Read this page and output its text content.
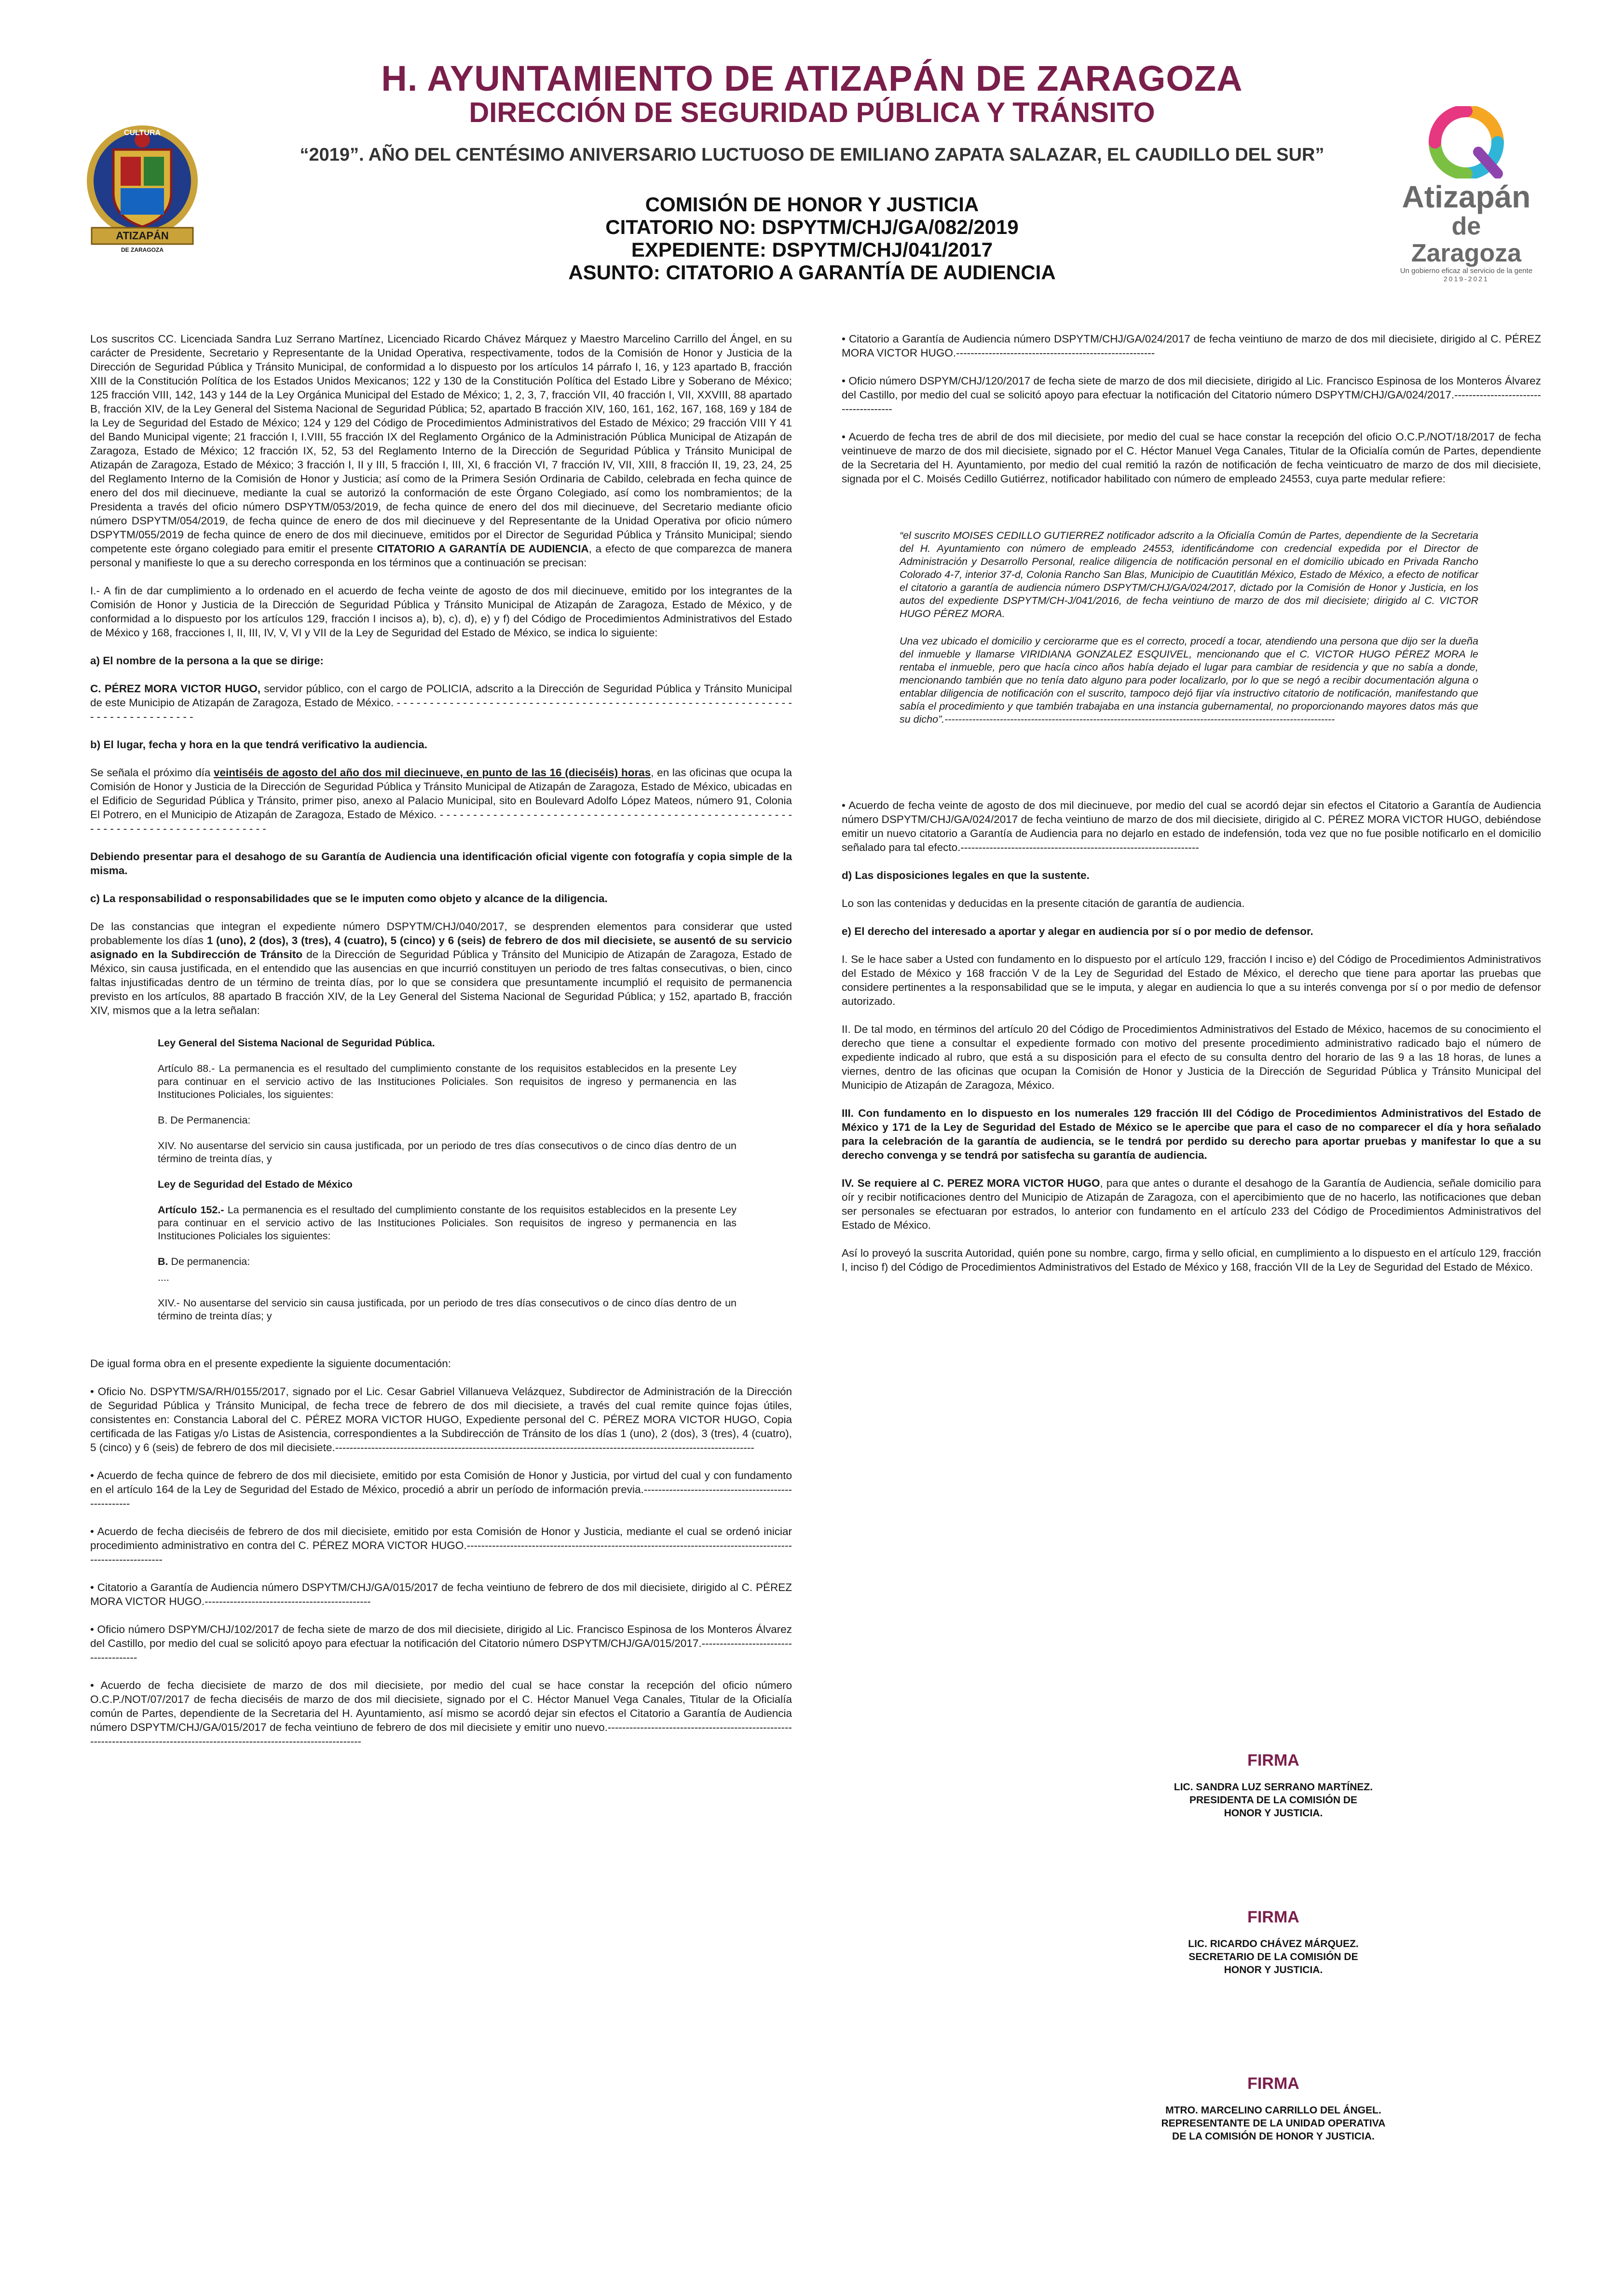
H. AYUNTAMIENTO DE ATIZAPÁN DE ZARAGOZA
DIRECCIÓN DE SEGURIDAD PÚBLICA Y TRÁNSITO
“2019”. AÑO DEL CENTÉSIMO ANIVERSARIO LUCTUOSO DE EMILIANO ZAPATA SALAZAR, EL CAUDILLO DEL SUR”
COMISIÓN DE HONOR Y JUSTICIA
CITATORIO NO: DSPYTM/CHJ/GA/082/2019
EXPEDIENTE: DSPYTM/CHJ/041/2017
ASUNTO: CITATORIO A GARANTÍA DE AUDIENCIA
CULTURA
ATIZAPÁN
DE ZARAGOZA
Atizapán
de Zaragoza
Un gobierno eficaz al servicio de la gente
2019-2021

Los suscritos CC. Licenciada Sandra Luz Serrano Martínez, Licenciado Ricardo Chávez Márquez y Maestro Marcelino Carrillo del Ángel, en su carácter de Presidente, Secretario y Representante de la Unidad Operativa, respectivamente, todos de la Comisión de Honor y Justicia de la Dirección de Seguridad Pública y Tránsito Municipal, de conformidad a lo dispuesto por los artículos 14 párrafo I, 16, y 123 apartado B, fracción XIII de la Constitución Política de los Estados Unidos Mexicanos; 122 y 130 de la Constitución Política del Estado Libre y Soberano de México; 125 fracción VIII, 142, 143 y 144 de la Ley Orgánica Municipal del Estado de México; 1, 2, 3, 7, fracción VII, 40 fracción I, VII, XXVIII, 88 apartado B, fracción XIV, de la Ley General del Sistema Nacional de Seguridad Pública; 52, apartado B fracción XIV, 160, 161, 162, 167, 168, 169 y 184 de la Ley de Seguridad del Estado de México; 124 y 129 del Código de Procedimientos Administrativos del Estado de México; 29 fracción VIII Y 41 del Bando Municipal vigente; 21 fracción I, I.VIII, 55 fracción IX del Reglamento Orgánico de la Administración Pública Municipal de Atizapán de Zaragoza, Estado de México; 12 fracción IX, 52, 53 del Reglamento Interno de la Dirección de Seguridad Pública y Tránsito Municipal de Atizapán de Zaragoza, Estado de México; 3 fracción I, II y III, 5 fracción I, III, XI, 6 fracción VI, 7 fracción IV, VII, XIII, 8 fracción II, 19, 23, 24, 25 del Reglamento Interno de la Comisión de Honor y Justicia; así como de la Primera Sesión Ordinaria de Cabildo, celebrada en fecha quince de enero del dos mil diecinueve, mediante la cual se autorizó la conformación de este Órgano Colegiado, así como los nombramientos; de la Presidenta a través del oficio número DSPYTM/053/2019, de fecha quince de enero del dos mil diecinueve, del Secretario mediante oficio número DSPYTM/054/2019, de fecha quince de enero de dos mil diecinueve y del Representante de la Unidad Operativa por oficio número DSPYTM/055/2019 de fecha quince de enero de dos mil diecinueve, emitidos por el Director de Seguridad Pública y Tránsito Municipal; siendo competente este órgano colegiado para emitir el presente CITATORIO A GARANTÍA DE AUDIENCIA, a efecto de que comparezca de manera personal y manifieste lo que a su derecho corresponda en los términos que a continuación se precisan:

I.- A fin de dar cumplimiento a lo ordenado en el acuerdo de fecha veinte de agosto de dos mil diecinueve, emitido por los integrantes de la Comisión de Honor y Justicia de la Dirección de Seguridad Pública y Tránsito Municipal de Atizapán de Zaragoza, Estado de México, y de conformidad a lo dispuesto por los artículos 129, fracción I incisos a), b), c), d), e) y f) del Código de Procedimientos Administrativos del Estado de México y 168, fracciones I, II, III, IV, V, VI y VII de la Ley de Seguridad del Estado de México, se indica lo siguiente:

a) El nombre de la persona a la que se dirige:

C. PÉREZ MORA VICTOR HUGO, servidor público, con el cargo de POLICIA, adscrito a la Dirección de Seguridad Pública y Tránsito Municipal de este Municipio de Atizapán de Zaragoza, Estado de México. - - - - - - - - - - - - - - - - - - - - - - - - - - - - - - - - - - - - - - - - - - - - - - - - - - - - - - - - - - - - - - - - - - - - - - - - - - - -

b) El lugar, fecha y hora en la que tendrá verificativo la audiencia.

Se señala el próximo día veintiséis de agosto del año dos mil diecinueve, en punto de las 16 (dieciséis) horas, en las oficinas que ocupa la Comisión de Honor y Justicia de la Dirección de Seguridad Pública y Tránsito Municipal de Atizapán de Zaragoza, Estado de México, ubicadas en el Edificio de Seguridad Pública y Tránsito, primer piso, anexo al Palacio Municipal, sito en Boulevard Adolfo López Mateos, número 91, Colonia El Potrero, en el Municipio de Atizapán de Zaragoza, Estado de México. - - - - - - - - - - - - - - - - - - - - - - - - - - - - - - - - - - - - - - - - - - - - - - - - - - - - - - - - - - - - - - - - - - - - - - - - - - - - - - - -

Debiendo presentar para el desahogo de su Garantía de Audiencia una identificación oficial vigente con fotografía y copia simple de la misma.

c) La responsabilidad o responsabilidades que se le imputen como objeto y alcance de la diligencia.

De las constancias que integran el expediente número DSPYTM/CHJ/040/2017, se desprenden elementos para considerar que usted probablemente los días 1 (uno), 2 (dos), 3 (tres), 4 (cuatro), 5 (cinco) y 6 (seis) de febrero de dos mil diecisiete, se ausentó de su servicio asignado en la Subdirección de Tránsito de la Dirección de Seguridad Pública y Tránsito del Municipio de Atizapán de Zaragoza, Estado de México, sin causa justificada, en el entendido que las ausencias en que incurrió constituyen un periodo de tres faltas consecutivas, o bien, cinco faltas injustificadas dentro de un término de treinta días, por lo que se considera que presuntamente incumplió el requisito de permanencia previsto en los artículos, 88 apartado B fracción XIV, de la Ley General del Sistema Nacional de Seguridad Pública; y 152, apartado B, fracción XIV, mismos que a la letra señalan:

Ley General del Sistema Nacional de Seguridad Pública.

Artículo 88.- La permanencia es el resultado del cumplimiento constante de los requisitos establecidos en la presente Ley para continuar en el servicio activo de las Instituciones Policiales. Son requisitos de ingreso y permanencia en las Instituciones Policiales, los siguientes:

B. De Permanencia:

XIV. No ausentarse del servicio sin causa justificada, por un periodo de tres días consecutivos o de cinco días dentro de un término de treinta días, y

Ley de Seguridad del Estado de México

Artículo 152.- La permanencia es el resultado del cumplimiento constante de los requisitos establecidos en la presente Ley para continuar en el servicio activo de las Instituciones Policiales. Son requisitos de ingreso y permanencia en las Instituciones Policiales los siguientes:

B. De permanencia:

....

XIV.- No ausentarse del servicio sin causa justificada, por un periodo de tres días consecutivos o de cinco días dentro de un término de treinta días; y

De igual forma obra en el presente expediente la siguiente documentación:

• Oficio No. DSPYTM/SA/RH/0155/2017, signado por el Lic. Cesar Gabriel Villanueva Velázquez, Subdirector de Administración de la Dirección de Seguridad Pública y Tránsito Municipal, de fecha trece de febrero de dos mil diecisiete, a través del cual remite quince fojas útiles, consistentes en: Constancia Laboral del C. PÉREZ MORA VICTOR HUGO, Expediente personal del C. PÉREZ MORA VICTOR HUGO, Copia certificada de las Fatigas y/o Listas de Asistencia, correspondientes a la Subdirección de Tránsito de los días 1 (uno), 2 (dos), 3 (tres), 4 (cuatro), 5 (cinco) y 6 (seis) de febrero de dos mil diecisiete.--------------------------------------------------------------------------------------------------------------------

• Acuerdo de fecha quince de febrero de dos mil diecisiete, emitido por esta Comisión de Honor y Justicia, por virtud del cual y con fundamento en el artículo 164 de la Ley de Seguridad del Estado de México, procedió a abrir un período de información previa.----------------------------------------------------

• Acuerdo de fecha dieciséis de febrero de dos mil diecisiete, emitido por esta Comisión de Honor y Justicia, mediante el cual se ordenó iniciar procedimiento administrativo en contra del C. PÉREZ MORA VICTOR HUGO.--------------------------------------------------------------------------------------------------------------

• Citatorio a Garantía de Audiencia número DSPYTM/CHJ/GA/015/2017 de fecha veintiuno de febrero de dos mil diecisiete, dirigido al C. PÉREZ MORA VICTOR HUGO.----------------------------------------------

• Oficio número DSPYM/CHJ/102/2017 de fecha siete de marzo de dos mil diecisiete, dirigido al Lic. Francisco Espinosa de los Monteros Álvarez del Castillo, por medio del cual se solicitó apoyo para efectuar la notificación del Citatorio número DSPYTM/CHJ/GA/015/2017.--------------------------------------

• Acuerdo de fecha diecisiete de marzo de dos mil diecisiete, por medio del cual se hace constar la recepción del oficio número O.C.P./NOT/07/2017 de fecha dieciséis de marzo de dos mil diecisiete, signado por el C. Héctor Manuel Vega Canales, Titular de la Oficialía común de Partes, dependiente de la Secretaria del H. Ayuntamiento, así mismo se acordó dejar sin efectos el Citatorio a Garantía de Audiencia número DSPYTM/CHJ/GA/015/2017 de fecha veintiuno de febrero de dos mil diecisiete y emitir uno nuevo.------------------------------------------------------------------------------------------------------------------------------

• Citatorio a Garantía de Audiencia número DSPYTM/CHJ/GA/024/2017 de fecha veintiuno de marzo de dos mil diecisiete, dirigido al C. PÉREZ MORA VICTOR HUGO.-------------------------------------------------------

• Oficio número DSPYM/CHJ/120/2017 de fecha siete de marzo de dos mil diecisiete, dirigido al Lic. Francisco Espinosa de los Monteros Álvarez del Castillo, por medio del cual se solicitó apoyo para efectuar la notificación del Citatorio número DSPYTM/CHJ/GA/024/2017.--------------------------------------

• Acuerdo de fecha tres de abril de dos mil diecisiete, por medio del cual se hace constar la recepción del oficio O.C.P./NOT/18/2017 de fecha veintinueve de marzo de dos mil diecisiete, signado por el C. Héctor Manuel Vega Canales, Titular de la Oficialía común de Partes, dependiente de la Secretaria del H. Ayuntamiento, por medio del cual remitió la razón de notificación de fecha veinticuatro de marzo de dos mil diecisiete, signada por el C. Moisés Cedillo Gutiérrez, notificador habilitado con número de empleado 24553, cuya parte medular refiere:

“el suscrito MOISES CEDILLO GUTIERREZ notificador adscrito a la Oficialía Común de Partes, dependiente de la Secretaria del H. Ayuntamiento con número de empleado 24553, identificándome con credencial expedida por el Director de Administración y Desarrollo Personal, realice diligencia de notificación personal en el domicilio ubicado en Privada Rancho Colorado 4-7, interior 37-d, Colonia Rancho San Blas, Municipio de Cuautitlán México, Estado de México, a efecto de notificar el citatorio a garantía de audiencia número DSPYTM/CHJ/GA/024/2017, dictado por la Comisión de Honor y Justicia, en los autos del expediente DSPYTM/CH-J/041/2016, de fecha veintiuno de marzo de dos mil diecisiete; dirigido al C. VICTOR HUGO PÉREZ MORA.

Una vez ubicado el domicilio y cerciorarme que es el correcto, procedí a tocar, atendiendo una persona que dijo ser la dueña del inmueble y llamarse VIRIDIANA GONZALEZ ESQUIVEL, mencionando que el C. VICTOR HUGO PÉREZ MORA le rentaba el inmueble, pero que hacía cinco años había dejado el lugar para cambiar de residencia y que no sabía a donde, mencionando también que no tenía dato alguno para poder localizarlo, por lo que se negó a recibir documentación alguna o entablar diligencia de notificación con el suscrito, tampoco dejó fijar vía instructivo citatorio de notificación, manifestando que sabía el procedimiento y que también trabajaba en una instancia gubernamental, no proporcionando mayores datos más que su dicho”.-----------------------------------------------------------------------------------------------------------------

• Acuerdo de fecha veinte de agosto de dos mil diecinueve, por medio del cual se acordó dejar sin efectos el Citatorio a Garantía de Audiencia número DSPYTM/CHJ/GA/024/2017 de fecha veintiuno de marzo de dos mil diecisiete, dirigido al C. PÉREZ MORA VICTOR HUGO, debiéndose emitir un nuevo citatorio a Garantía de Audiencia para no dejarlo en estado de indefensión, toda vez que no fue posible notificarlo en el domicilio señalado para tal efecto.------------------------------------------------------------------

d) Las disposiciones legales en que la sustente.

Lo son las contenidas y deducidas en la presente citación de garantía de audiencia.

e) El derecho del interesado a aportar y alegar en audiencia por sí o por medio de defensor.

I. Se le hace saber a Usted con fundamento en lo dispuesto por el artículo 129, fracción I inciso e) del Código de Procedimientos Administrativos del Estado de México y 168 fracción V de la Ley de Seguridad del Estado de México, el derecho que tiene para aportar las pruebas que considere pertinentes a la responsabilidad que se le imputa, y alegar en audiencia lo que a su interés convenga por sí o por medio de defensor autorizado.

II. De tal modo, en términos del artículo 20 del Código de Procedimientos Administrativos del Estado de México, hacemos de su conocimiento el derecho que tiene a consultar el expediente formado con motivo del presente procedimiento administrativo radicado bajo el número de expediente indicado al rubro, que está a su disposición para el efecto de su consulta dentro del horario de las 9 a las 18 horas, de lunes a viernes, dentro de las oficinas que ocupan la Comisión de Honor y Justicia de la Dirección de Seguridad Pública y Tránsito Municipal del Municipio de Atizapán de Zaragoza, México.

III. Con fundamento en lo dispuesto en los numerales 129 fracción III del Código de Procedimientos Administrativos del Estado de México y 171 de la Ley de Seguridad del Estado de México se le apercibe que para el caso de no comparecer el día y hora señalado para la celebración de la garantía de audiencia, se le tendrá por perdido su derecho para aportar pruebas y manifestar lo que a su derecho convenga y se tendrá por satisfecha su garantía de audiencia.

IV. Se requiere al C. PEREZ MORA VICTOR HUGO, para que antes o durante el desahogo de la Garantía de Audiencia, señale domicilio para oír y recibir notificaciones dentro del Municipio de Atizapán de Zaragoza, con el apercibimiento que de no hacerlo, las notificaciones que deban ser personales se efectuaran por estrados, lo anterior con fundamento en el artículo 233 del Código de Procedimientos Administrativos del Estado de México.

Así lo proveyó la suscrita Autoridad, quién pone su nombre, cargo, firma y sello oficial, en cumplimiento a lo dispuesto en el artículo 129, fracción I, inciso f) del Código de Procedimientos Administrativos del Estado de México y 168, fracción VII de la Ley de Seguridad del Estado de México.

FIRMA
LIC. SANDRA LUZ SERRANO MARTÍNEZ.
PRESIDENTA DE LA COMISIÓN DE
HONOR Y JUSTICIA.
FIRMA
LIC. RICARDO CHÁVEZ MÁRQUEZ.
SECRETARIO DE LA COMISIÓN DE
HONOR Y JUSTICIA.
FIRMA
MTRO. MARCELINO CARRILLO DEL ÁNGEL.
REPRESENTANTE DE LA UNIDAD OPERATIVA
DE LA COMISIÓN DE HONOR Y JUSTICIA.
